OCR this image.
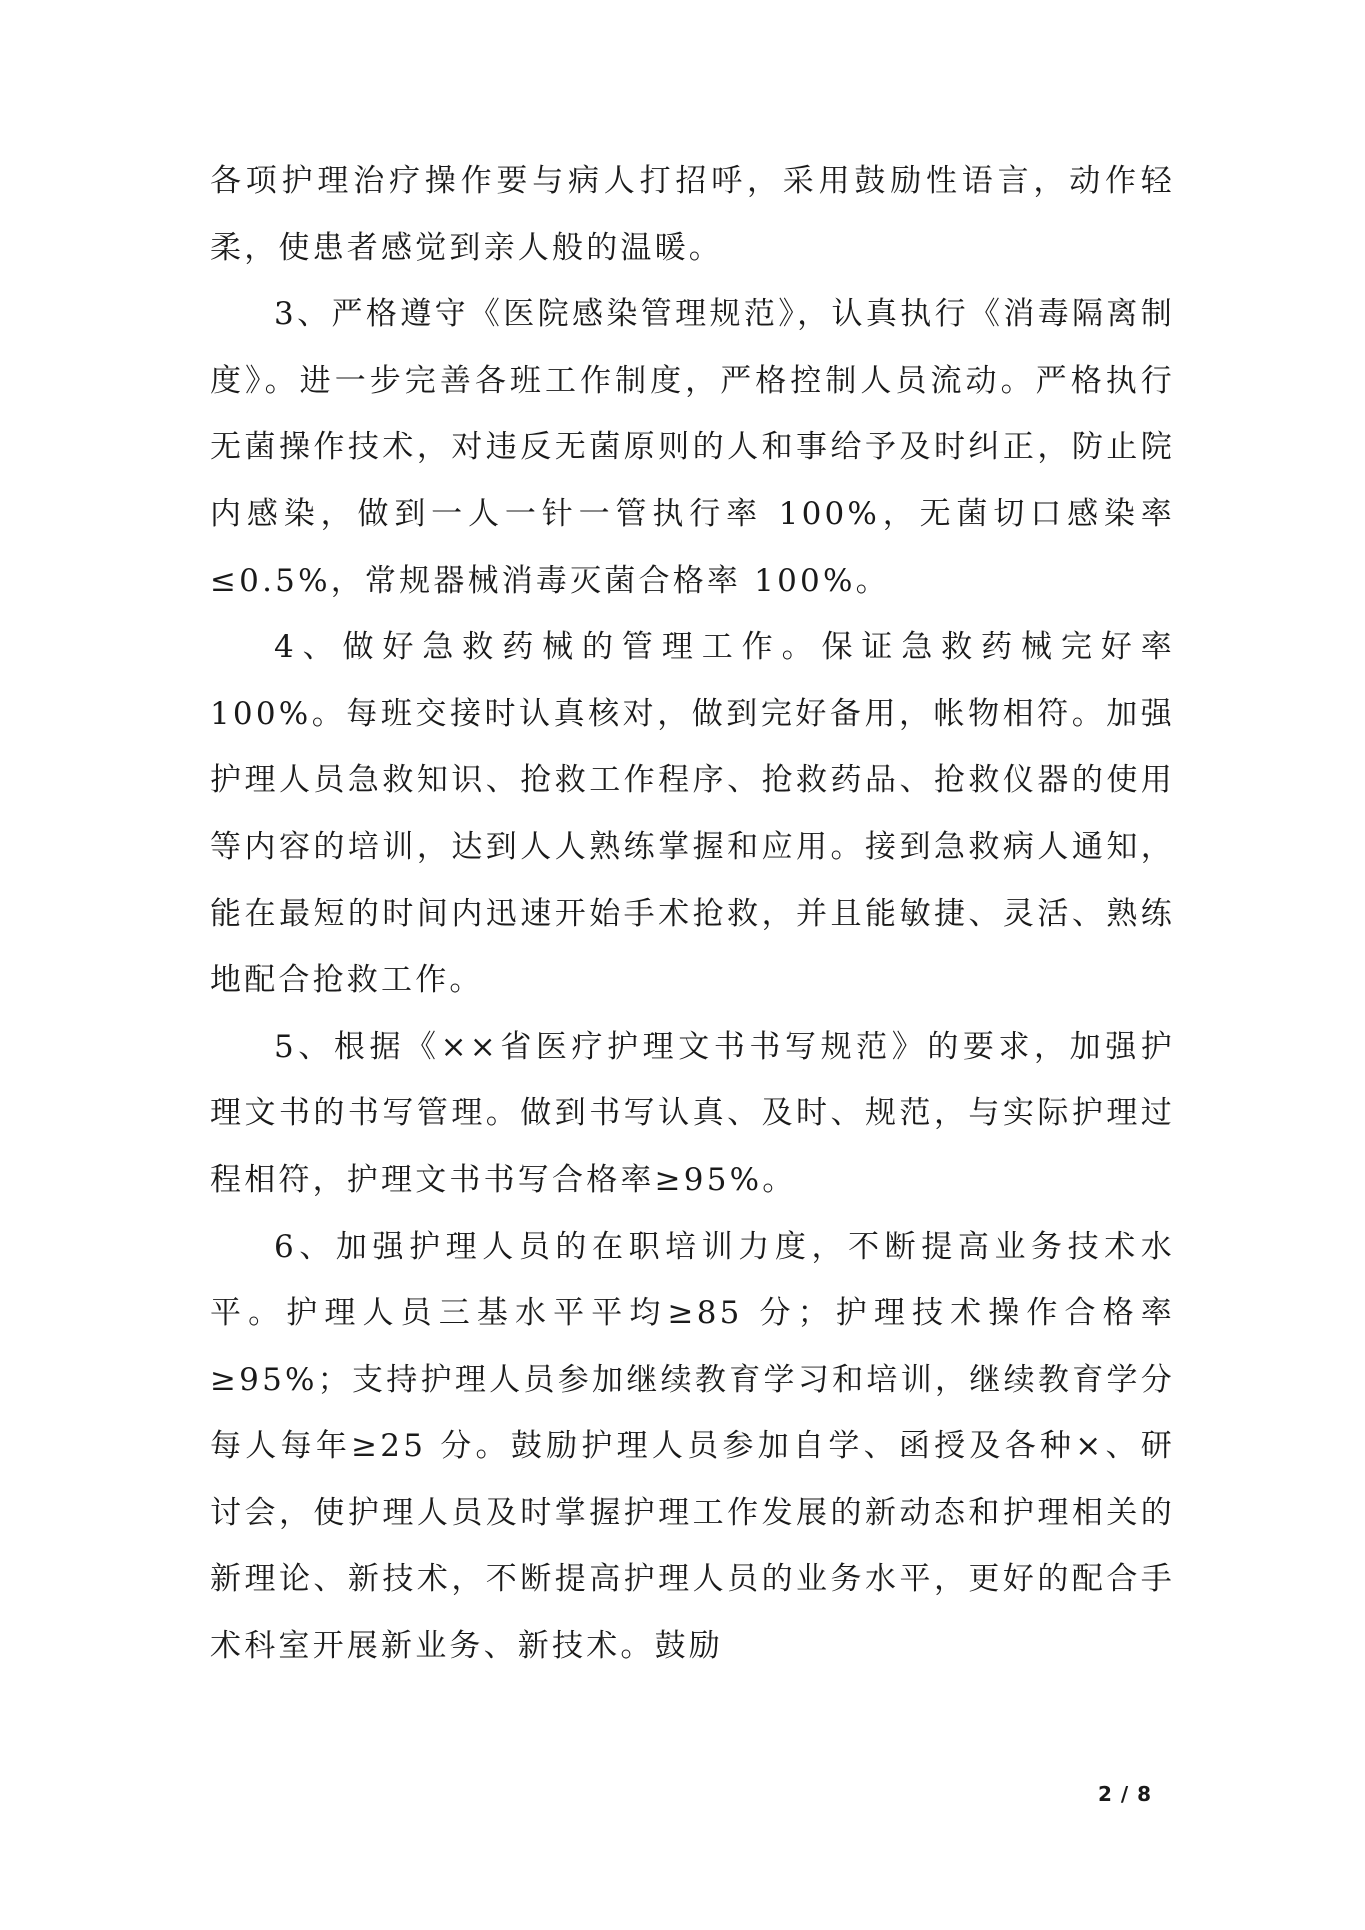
各项护理治疗操作要与病人打招呼，采用鼓励性语言，动作轻柔，使患者感觉到亲人般的温暖。

3、严格遵守《医院感染管理规范》，认真执行《消毒隔离制度》。进一步完善各班工作制度，严格控制人员流动。严格执行无菌操作技术，对违反无菌原则的人和事给予及时纠正，防止院内感染，做到一人一针一管执行率 100%，无菌切口感染率≤0.5%，常规器械消毒灭菌合格率 100%。

4、做好急救药械的管理工作。保证急救药械完好率 100%。每班交接时认真核对，做到完好备用，帐物相符。加强护理人员急救知识、抢救工作程序、抢救药品、抢救仪器的使用等内容的培训，达到人人熟练掌握和应用。接到急救病人通知，能在最短的时间内迅速开始手术抢救，并且能敏捷、灵活、熟练地配合抢救工作。

5、根据《××省医疗护理文书书写规范》的要求，加强护理文书的书写管理。做到书写认真、及时、规范，与实际护理过程相符，护理文书书写合格率≥95%。

6、加强护理人员的在职培训力度，不断提高业务技术水平。护理人员三基水平平均≥85 分；护理技术操作合格率≥95%；支持护理人员参加继续教育学习和培训，继续教育学分每人每年≥25 分。鼓励护理人员参加自学、函授及各种×、研讨会，使护理人员及时掌握护理工作发展的新动态和护理相关的新理论、新技术，不断提高护理人员的业务水平，更好的配合手术科室开展新业务、新技术。鼓励

2 / 8
